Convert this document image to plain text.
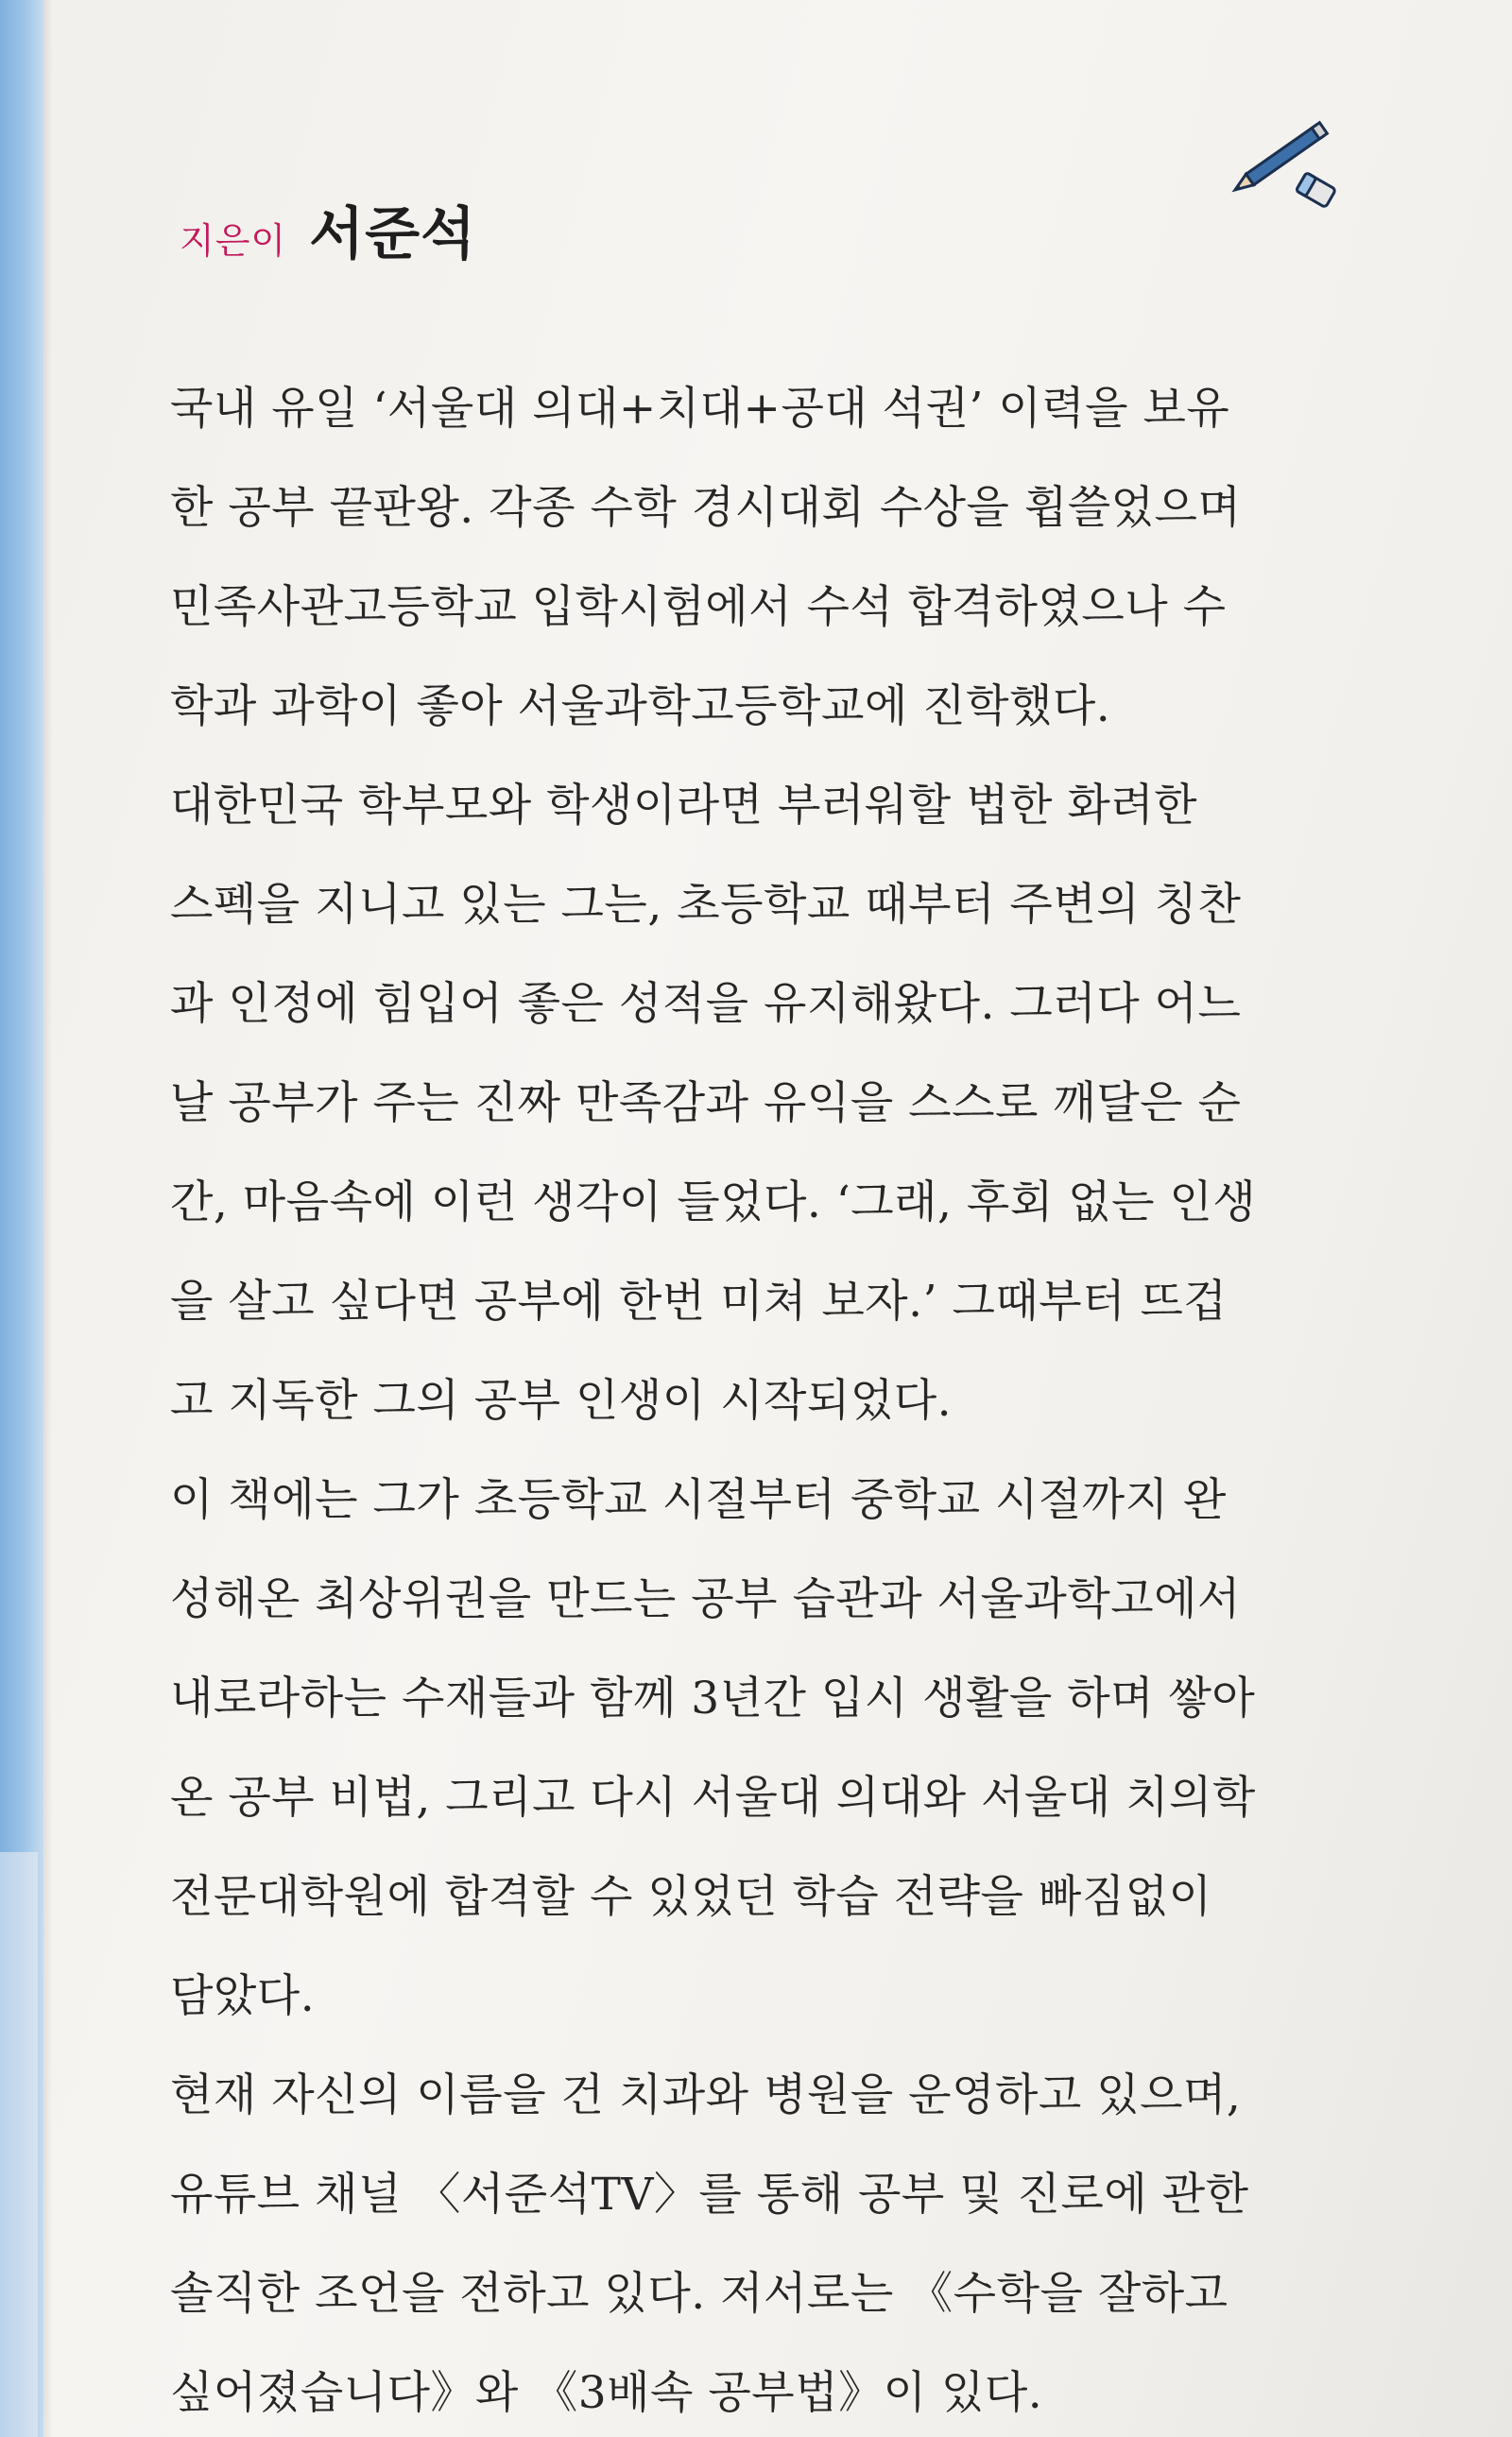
지은이 서준석
국내 유일 ‘서울대 의대+치대+공대 석권’ 이력을 보유
한 공부 끝판왕. 각종 수학 경시대회 수상을 휩쓸었으며
민족사관고등학교 입학시험에서 수석 합격하였으나 수
학과 과학이 좋아 서울과학고등학교에 진학했다.
대한민국 학부모와 학생이라면 부러워할 법한 화려한
스펙을 지니고 있는 그는, 초등학교 때부터 주변의 칭찬
과 인정에 힘입어 좋은 성적을 유지해왔다. 그러다 어느
날 공부가 주는 진짜 만족감과 유익을 스스로 깨달은 순
간, 마음속에 이런 생각이 들었다. ‘그래, 후회 없는 인생
을 살고 싶다면 공부에 한번 미쳐 보자.’ 그때부터 뜨겁
고 지독한 그의 공부 인생이 시작되었다.
이 책에는 그가 초등학교 시절부터 중학교 시절까지 완
성해온 최상위권을 만드는 공부 습관과 서울과학고에서
내로라하는 수재들과 함께 3년간 입시 생활을 하며 쌓아
온 공부 비법, 그리고 다시 서울대 의대와 서울대 치의학
전문대학원에 합격할 수 있었던 학습 전략을 빠짐없이
담았다.
현재 자신의 이름을 건 치과와 병원을 운영하고 있으며,
유튜브 채널 〈서준석TV〉를 통해 공부 및 진로에 관한
솔직한 조언을 전하고 있다. 저서로는 《수학을 잘하고
싶어졌습니다》와 《3배속 공부법》이 있다.
